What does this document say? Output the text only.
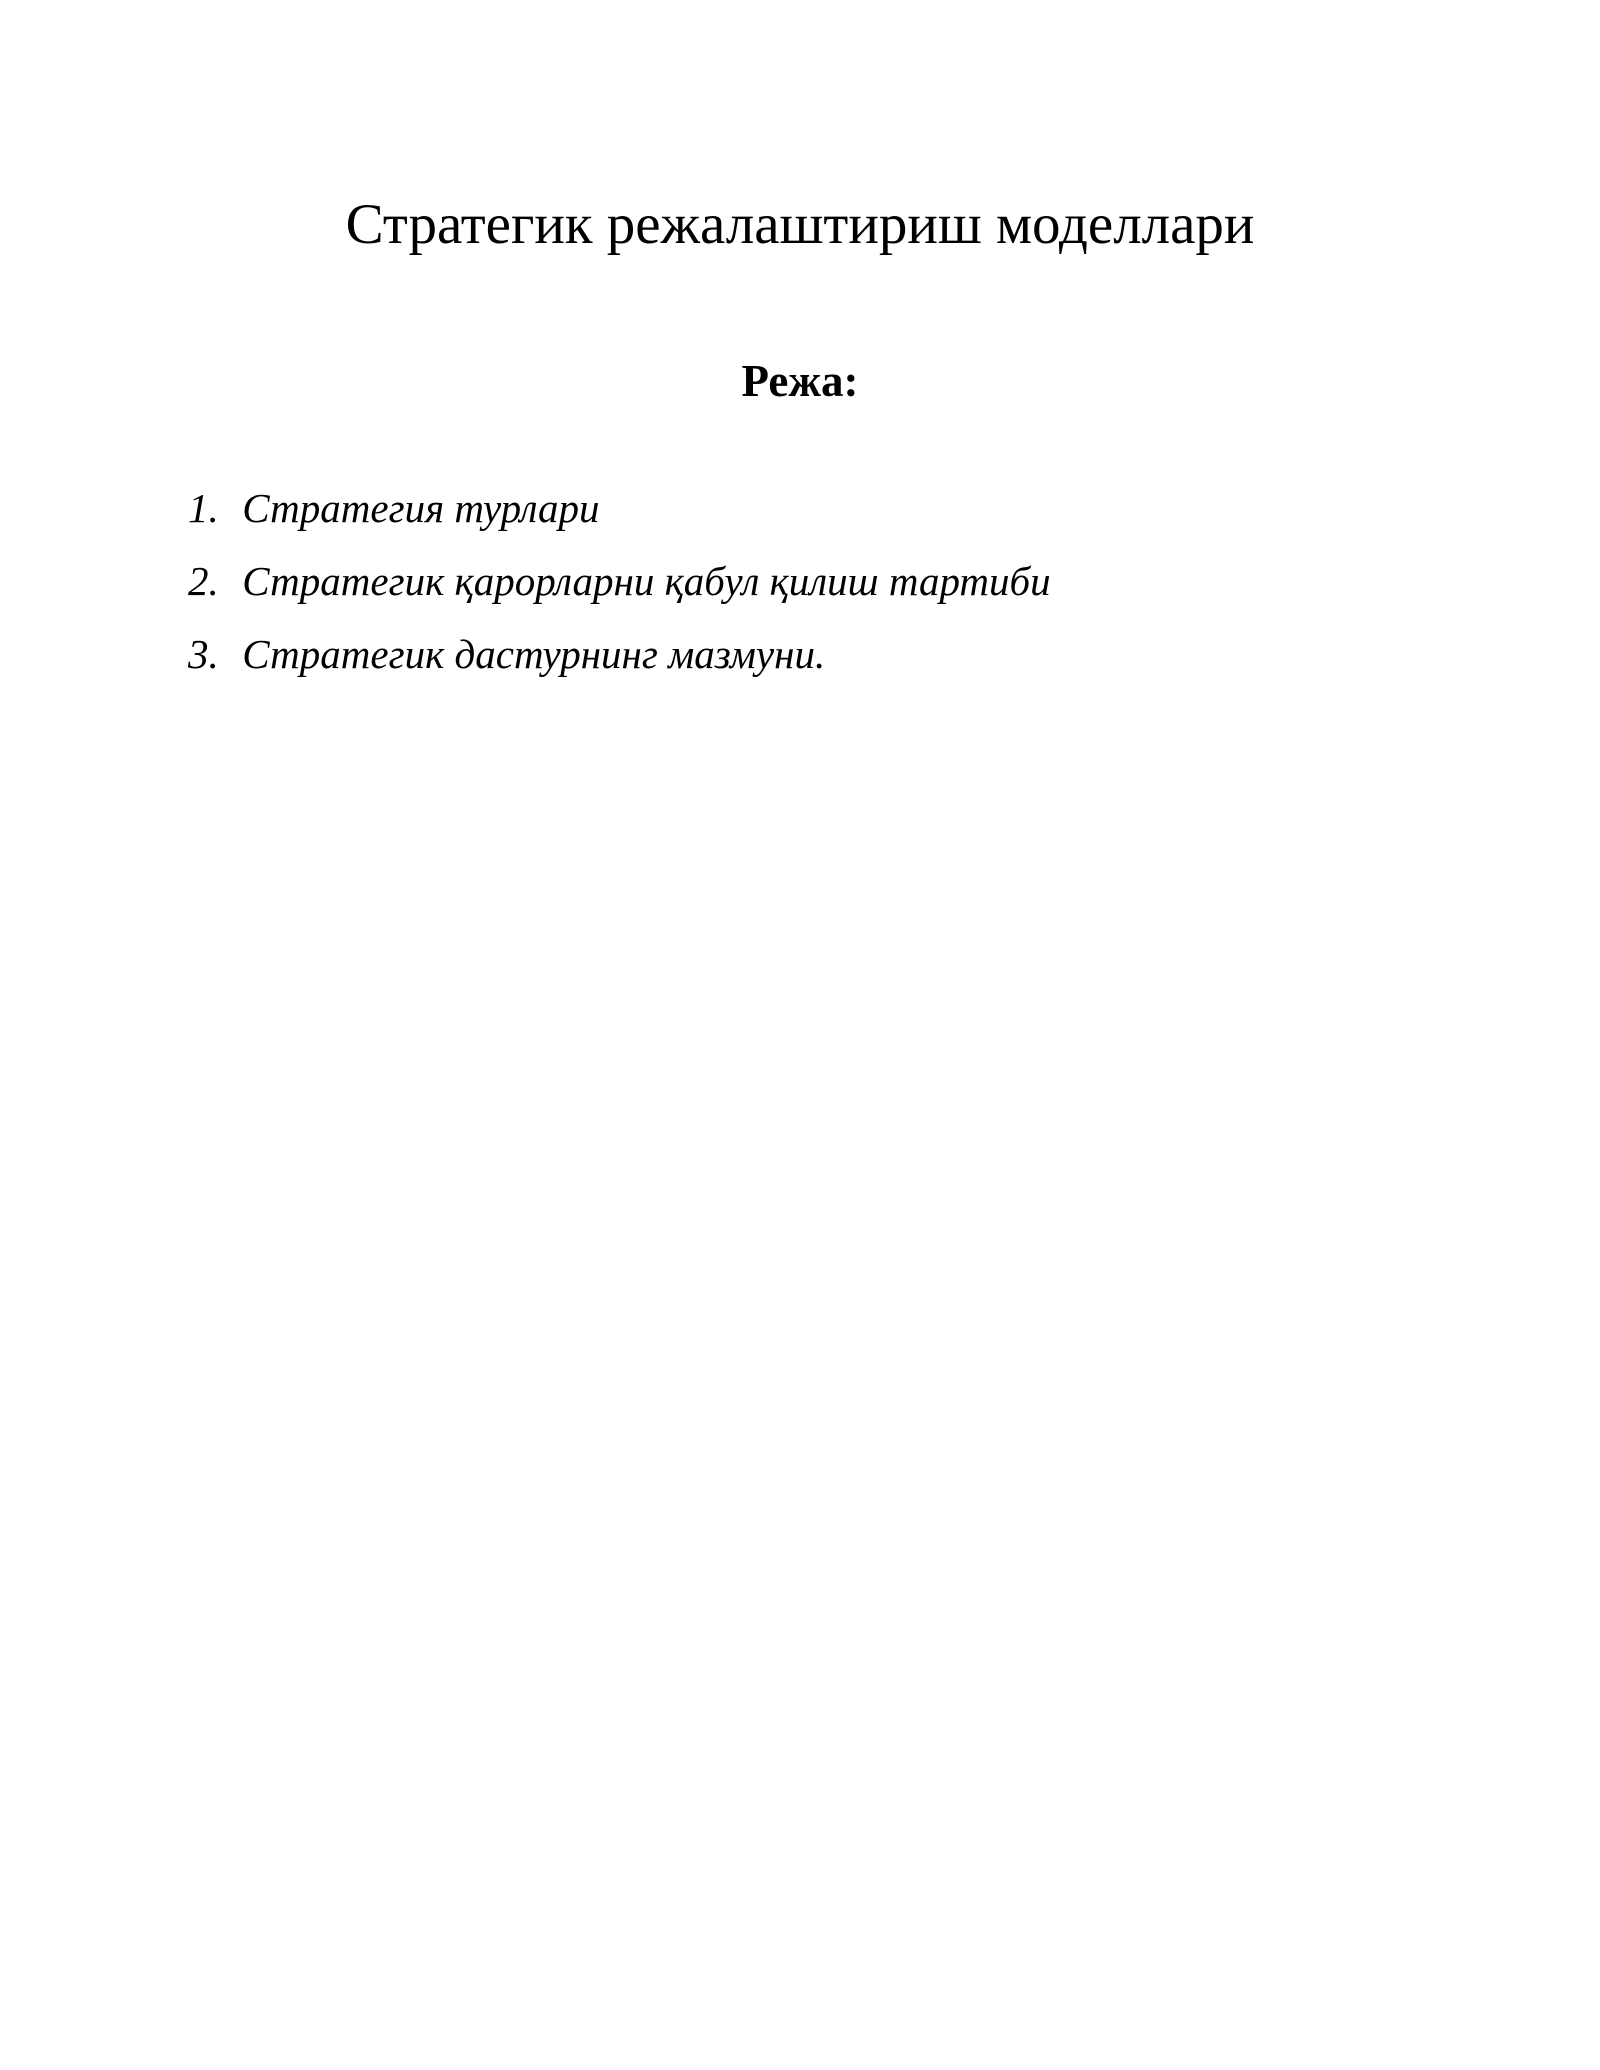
Стратегик режалаштириш моделлари
Режа:
1. Стратегия турлари
2. Стратегик қарорларни қабул қилиш тартиби
3. Стратегик дастурнинг мазмуни.
